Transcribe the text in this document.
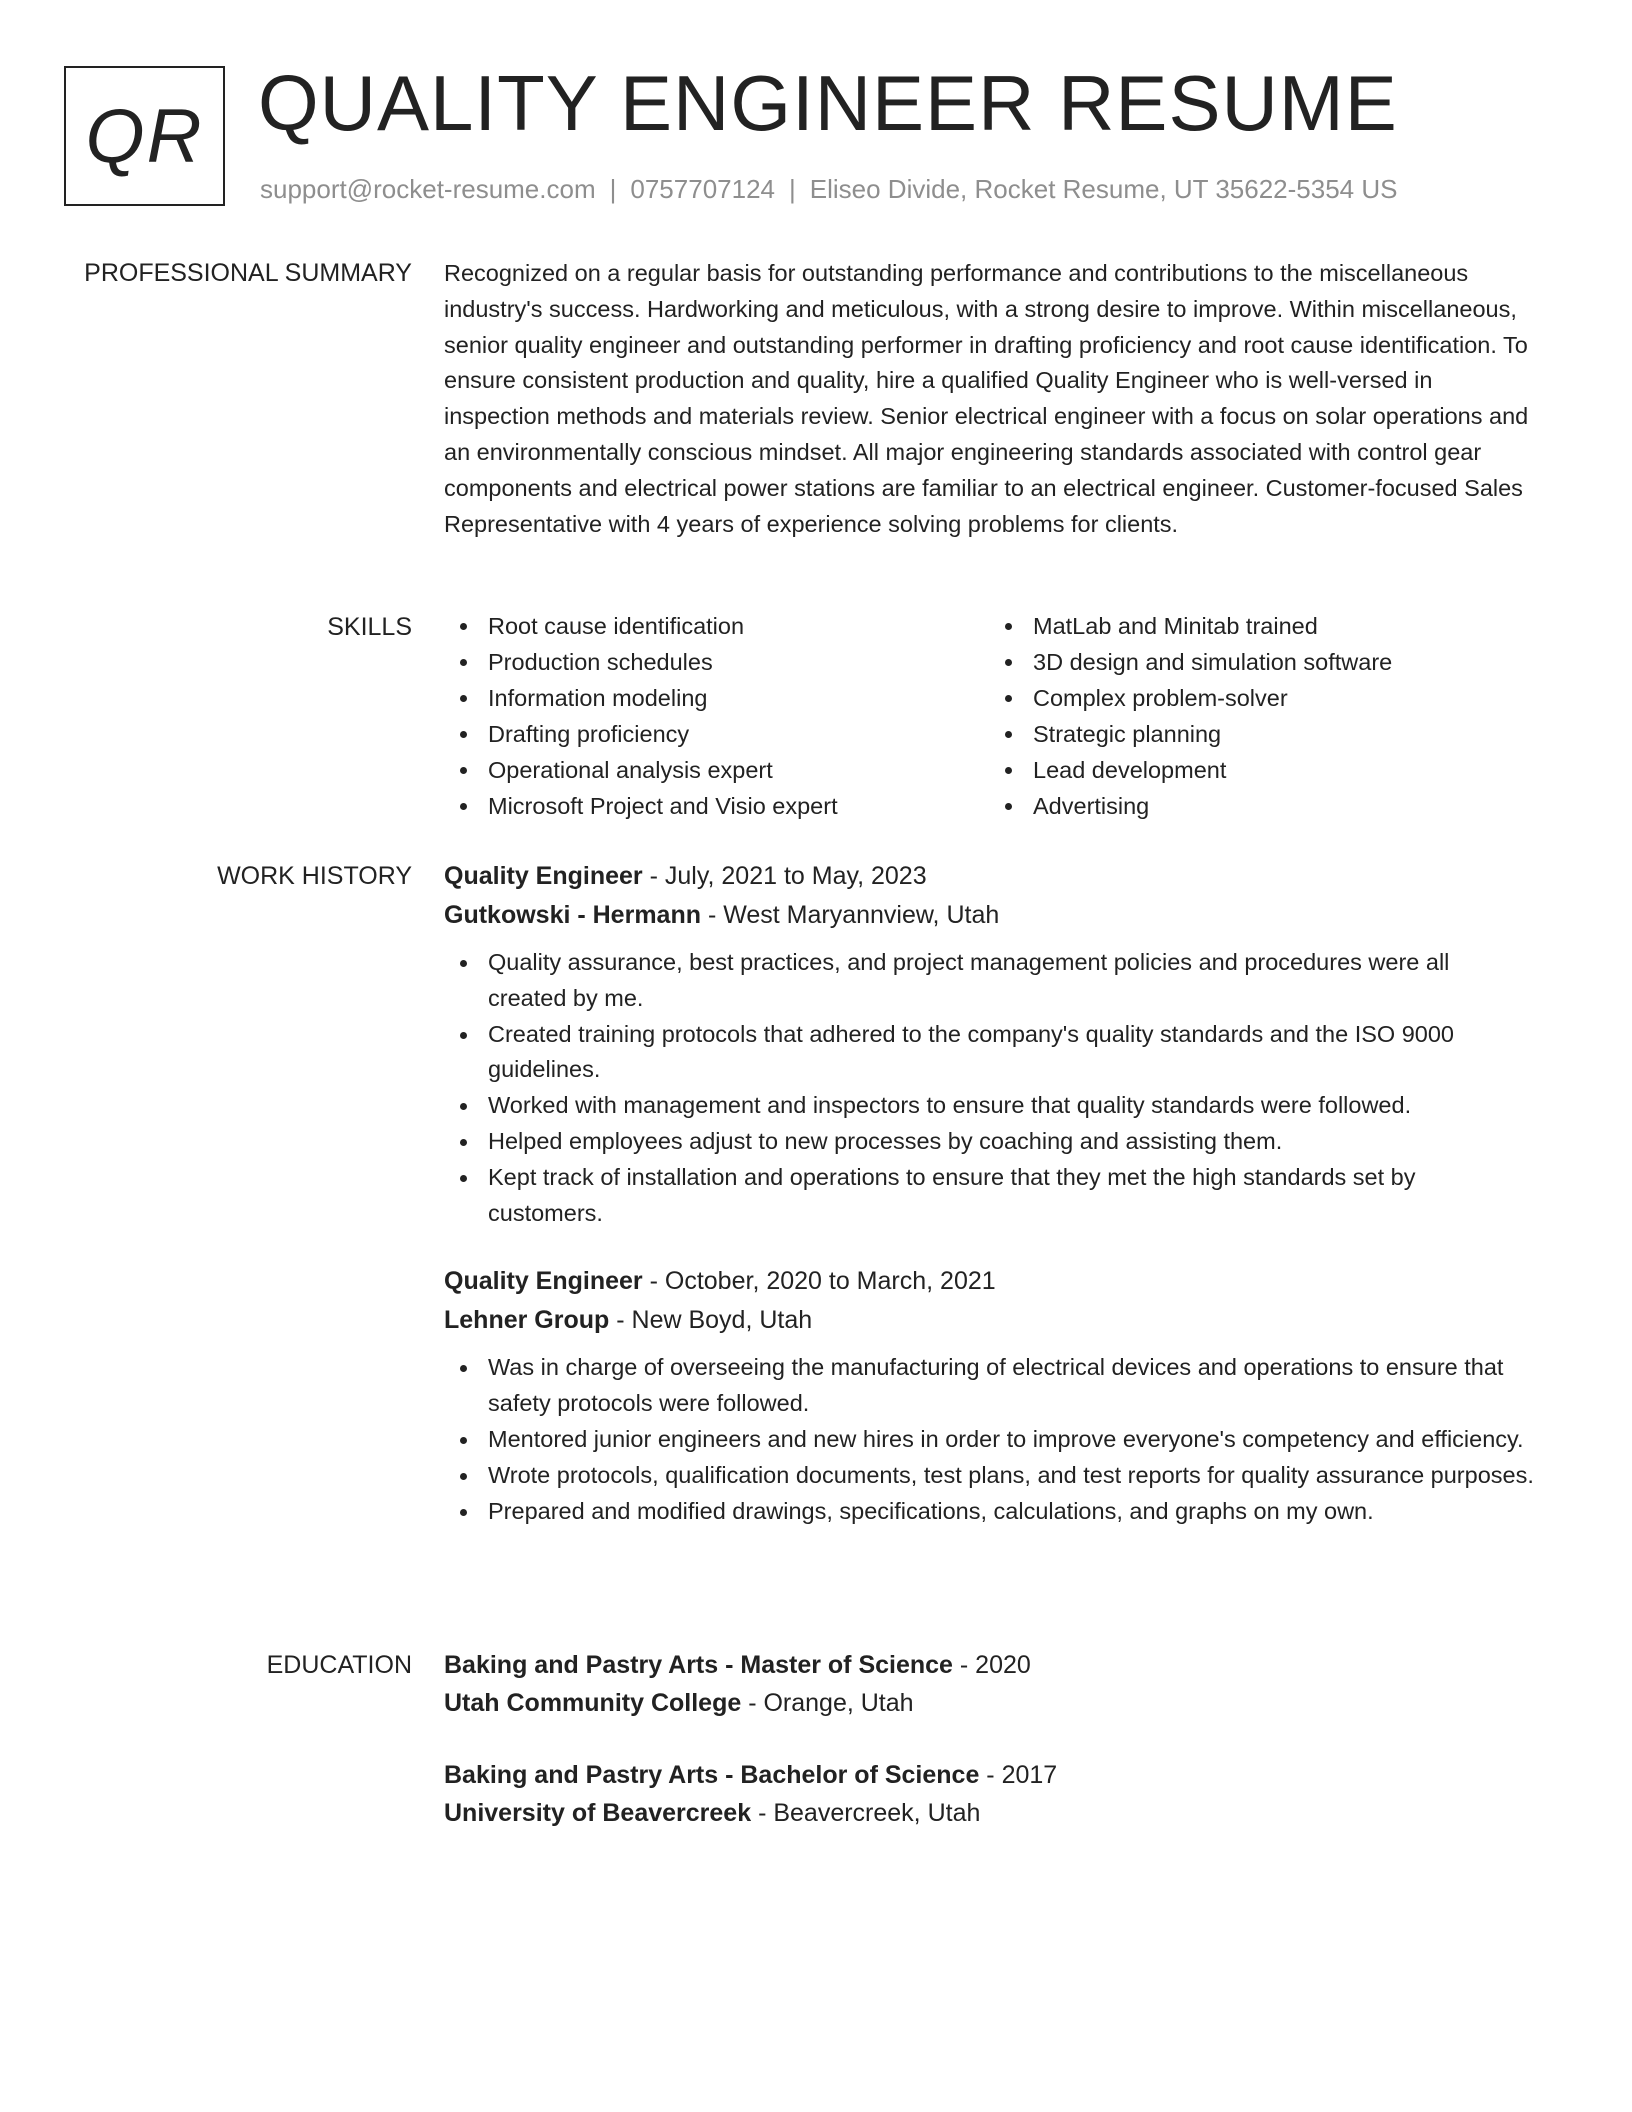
QR QUALITY ENGINEER RESUME
support@rocket-resume.com | 0757707124 | Eliseo Divide, Rocket Resume, UT 35622-5354 US
PROFESSIONAL SUMMARY Recognized on a regular basis for outstanding performance and contributions to the miscellaneous industry's success. Hardworking and meticulous, with a strong desire to improve. Within miscellaneous, senior quality engineer and outstanding performer in drafting proficiency and root cause identification. To ensure consistent production and quality, hire a qualified Quality Engineer who is well-versed in inspection methods and materials review. Senior electrical engineer with a focus on solar operations and an environmentally conscious mindset. All major engineering standards associated with control gear components and electrical power stations are familiar to an electrical engineer. Customer-focused Sales Representative with 4 years of experience solving problems for clients.

SKILLS	Root cause identification
Production schedules
Information modeling
Drafting proficiency
Operational analysis expert
Microsoft Project and Visio expert
MatLab and Minitab trained
3D design and simulation software
Complex problem-solver
Strategic planning
Lead development
Advertising
WORK HISTORY Quality Engineer - July, 2021 to May, 2023
Gutkowski - Hermann - West Maryannview, Utah
Quality assurance, best practices, and project management policies and procedures were all created by me.
Created training protocols that adhered to the company's quality standards and the ISO 9000 guidelines.
Worked with management and inspectors to ensure that quality standards were followed.
Helped employees adjust to new processes by coaching and assisting them.
Kept track of installation and operations to ensure that they met the high standards set by customers.
Quality Engineer - October, 2020 to March, 2021
Lehner Group - New Boyd, Utah
Was in charge of overseeing the manufacturing of electrical devices and operations to ensure that safety protocols were followed.
Mentored junior engineers and new hires in order to improve everyone's competency and efficiency.
Wrote protocols, qualification documents, test plans, and test reports for quality assurance purposes.
Prepared and modified drawings, specifications, calculations, and graphs on my own.
EDUCATION Baking and Pastry Arts - Master of Science - 2020
Utah Community College - Orange, Utah
Baking and Pastry Arts - Bachelor of Science - 2017
University of Beavercreek - Beavercreek, Utah
